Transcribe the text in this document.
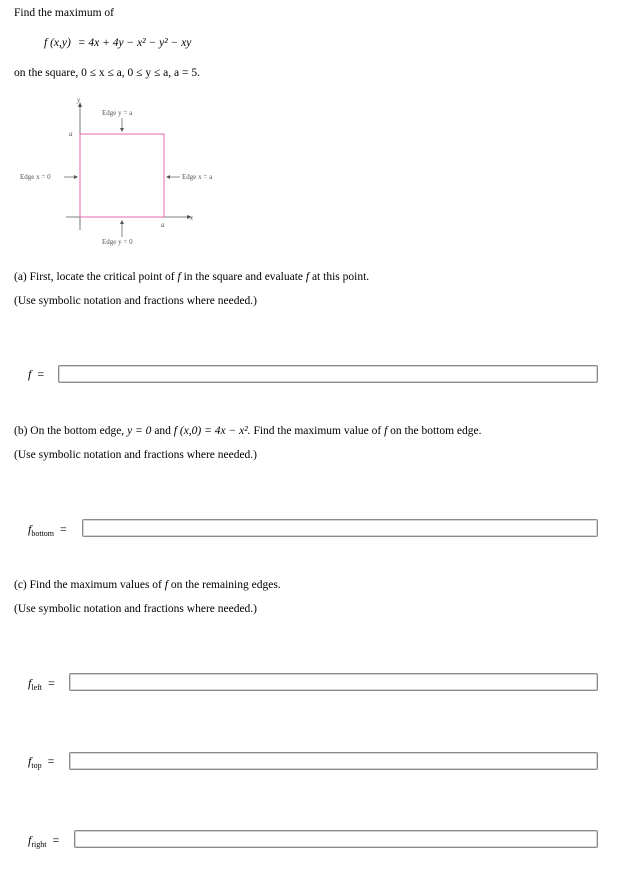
Find the maximum of
f (x,y) = 4x + 4y − x² − y² − xy
on the square, 0 ≤ x ≤ a, 0 ≤ y ≤ a, a = 5.
y
x
a
a
Edge y = a
Edge y = 0
Edge x = 0	Edge x = a
(a) First, locate the critical point of f in the square and evaluate f at this point.
(Use symbolic notation and fractions where needed.)
f =
(b) On the bottom edge, y = 0 and f (x,0) = 4x − x². Find the maximum value of f on the bottom edge.
(Use symbolic notation and fractions where needed.)
$f_{bottom}$ =
(c) Find the maximum values of f on the remaining edges.
(Use symbolic notation and fractions where needed.)
$f_{left}$ =
$f_{top}$ =
$f_{right}$ =
